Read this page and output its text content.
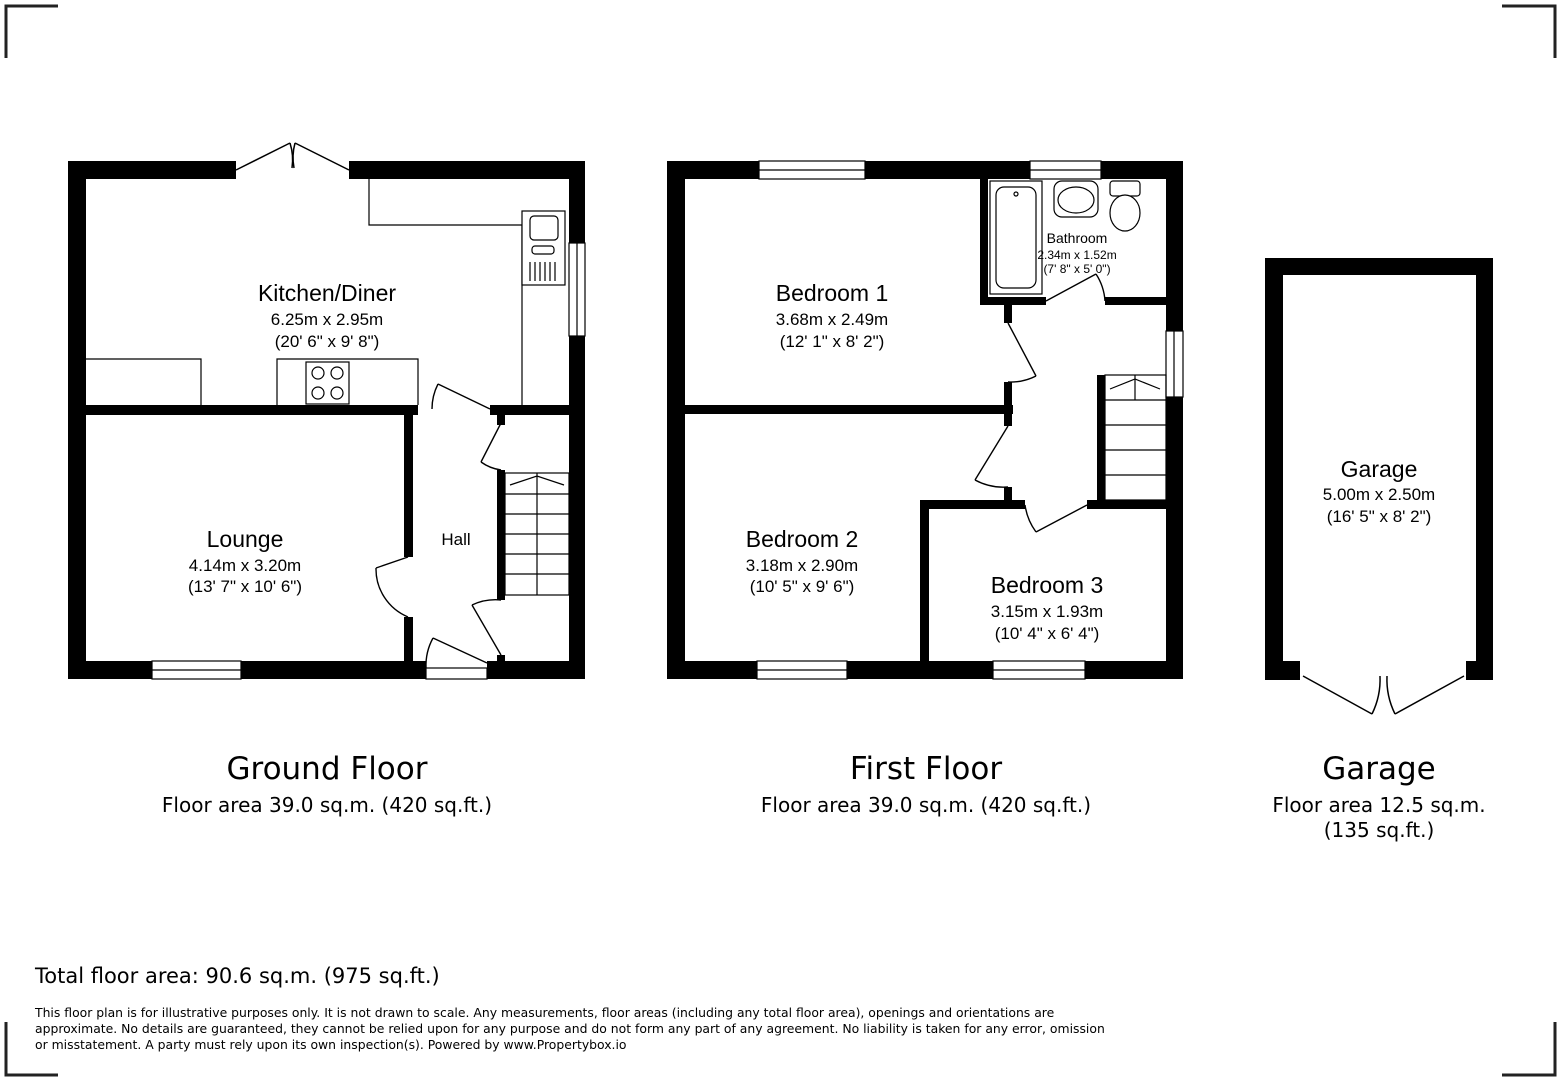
Kitchen/Diner
6.25m x 2.95m
(20' 6" x 9' 8")
Lounge
4.14m x 3.20m
(13' 7" x 10' 6")
Hall
Ground Floor
Floor area 39.0 sq.m. (420 sq.ft.)
Bedroom 1
3.68m x 2.49m
(12' 1" x 8' 2")
Bedroom 2
3.18m x 2.90m
(10' 5" x 9' 6")	Bedroom 3
3.15m x 1.93m
(10' 4" x 6' 4")
Bathroom
2.34m x 1.52m
(7' 8" x 5' 0")
First Floor
Floor area 39.0 sq.m. (420 sq.ft.)
Garage
5.00m x 2.50m
(16' 5" x 8' 2")
Garage
Floor area 12.5 sq.m.
(135 sq.ft.)
Total floor area: 90.6 sq.m. (975 sq.ft.)
This floor plan is for illustrative purposes only. It is not drawn to scale. Any measurements, floor areas (including any total floor area), openings and orientations are approximate. No details are guaranteed, they cannot be relied upon for any purpose and do not form any part of any agreement. No liability is taken for any error, omission or misstatement. A party must rely upon its own inspection(s). Powered by www.Propertybox.io
